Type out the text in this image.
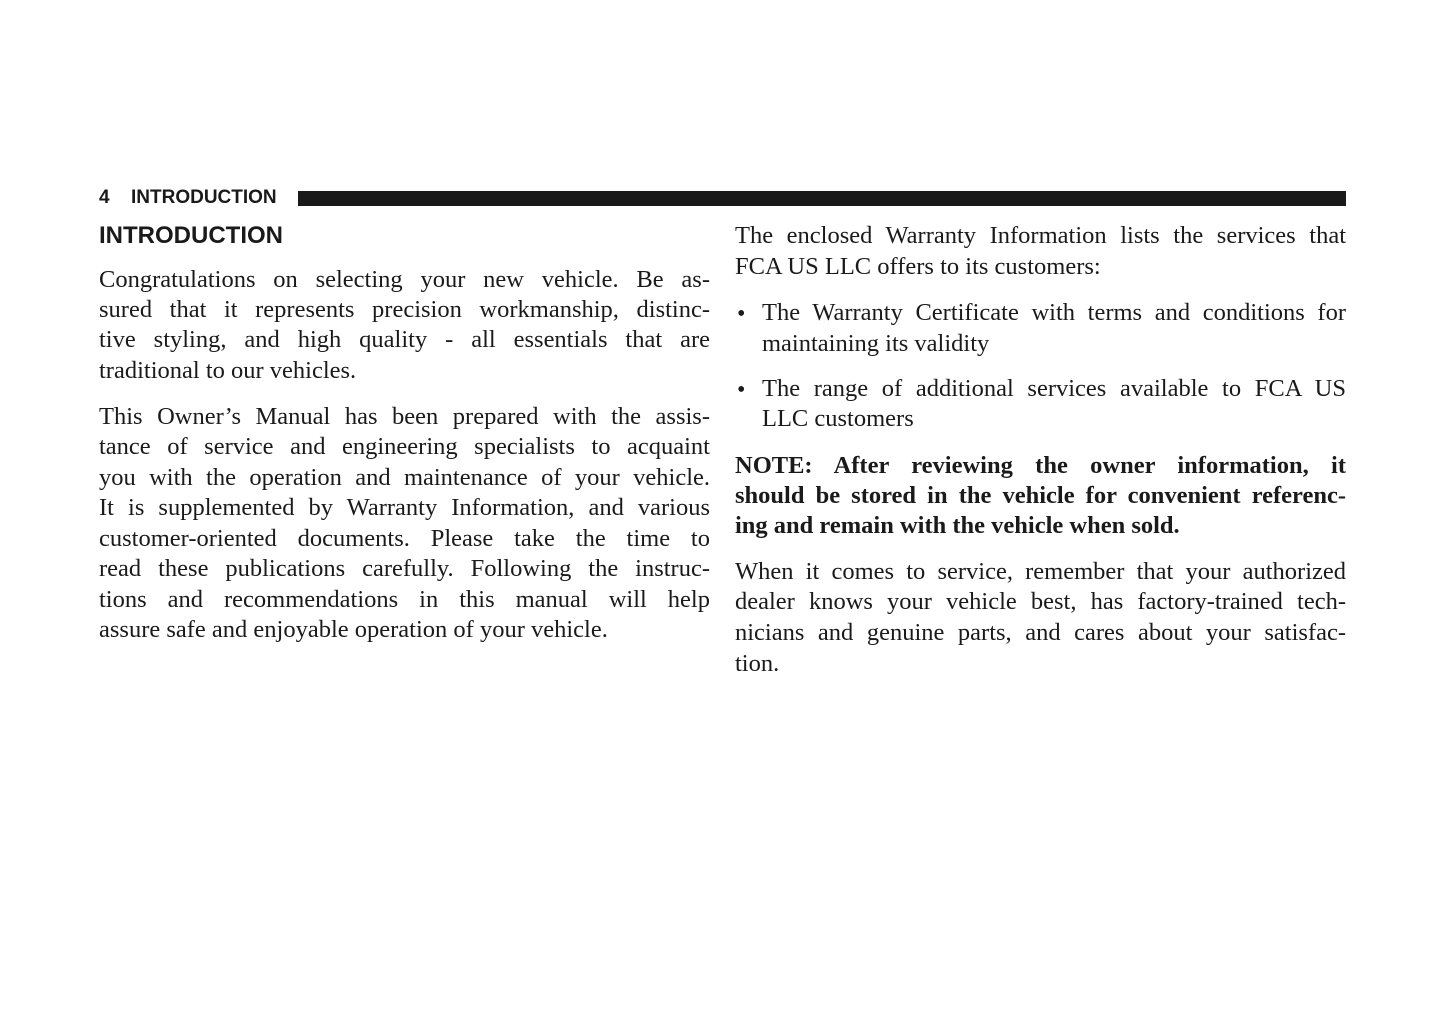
4 INTRODUCTION
INTRODUCTION
Congratulations on selecting your new vehicle. Be as-
sured that it represents precision workmanship, distinc-
tive styling, and high quality - all essentials that are
traditional to our vehicles.
This Owner’s Manual has been prepared with the assis-
tance of service and engineering specialists to acquaint
you with the operation and maintenance of your vehicle.
It is supplemented by Warranty Information, and various
customer-oriented documents. Please take the time to
read these publications carefully. Following the instruc-
tions and recommendations in this manual will help
assure safe and enjoyable operation of your vehicle.
The enclosed Warranty Information lists the services that
FCA US LLC offers to its customers:
• The Warranty Certificate with terms and conditions for
maintaining its validity
• The range of additional services available to FCA US
LLC customers
NOTE: After reviewing the owner information, it
should be stored in the vehicle for convenient referenc-
ing and remain with the vehicle when sold.
When it comes to service, remember that your authorized
dealer knows your vehicle best, has factory-trained tech-
nicians and genuine parts, and cares about your satisfac-
tion.
